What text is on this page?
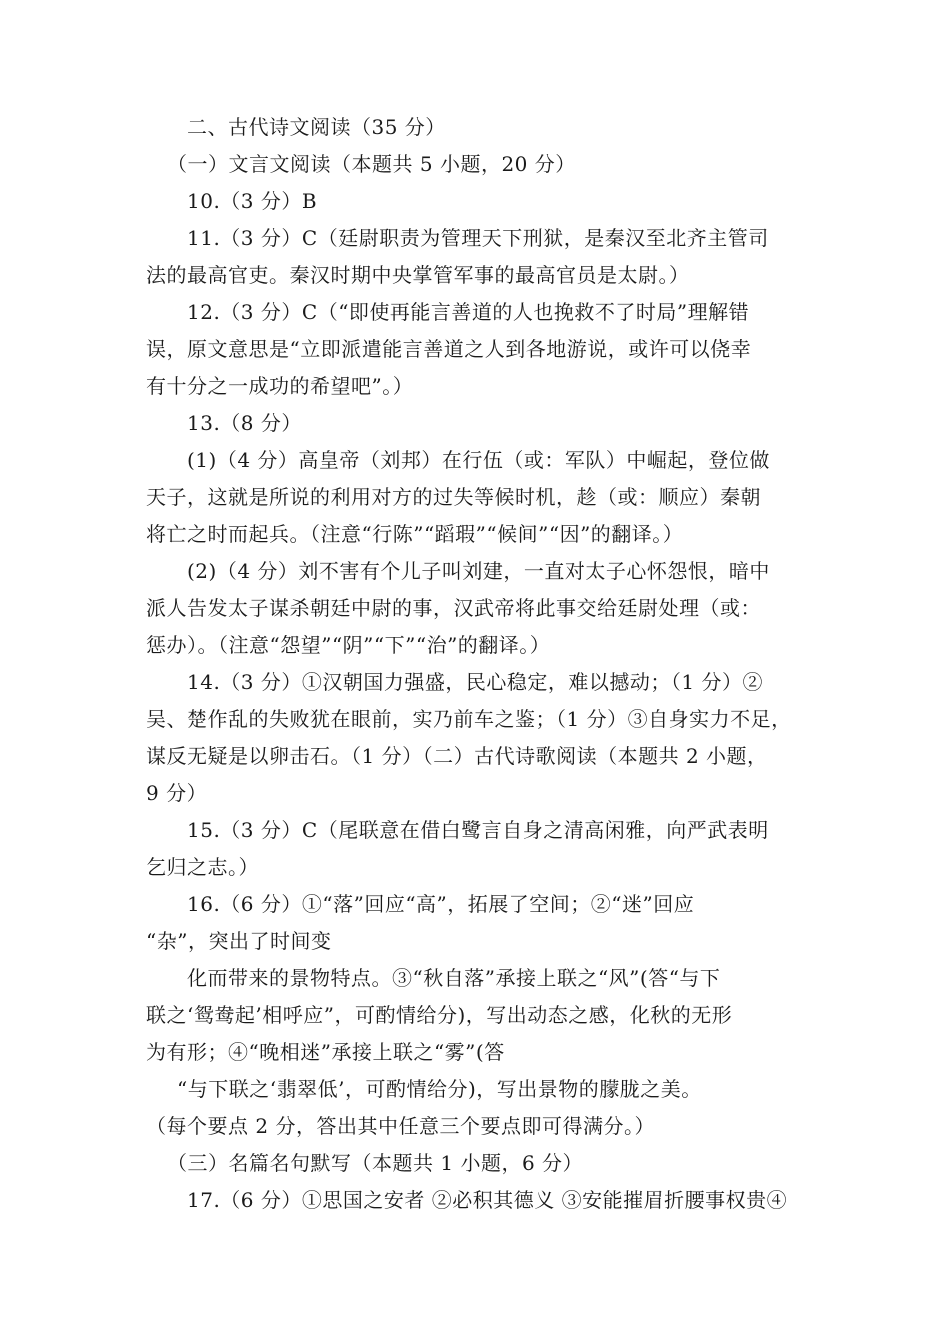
二、古代诗文阅读（35 分）
（一）文言文阅读（本题共 5 小题，20 分）
10.（3 分）B
11.（3 分）C（廷尉职责为管理天下刑狱，是秦汉至北齐主管司
法的最高官吏。秦汉时期中央掌管军事的最高官员是太尉。）
12.（3 分）C（“即使再能言善道的人也挽救不了时局”理解错
误，原文意思是“立即派遣能言善道之人到各地游说，或许可以侥幸
有十分之一成功的希望吧”。）
13.（8 分）
(1)（4 分）高皇帝（刘邦）在行伍（或：军队）中崛起，登位做
天子，这就是所说的利用对方的过失等候时机，趁（或：顺应）秦朝
将亡之时而起兵。（注意“行陈”“蹈瑕”“候间”“因”的翻译。）
(2)（4 分）刘不害有个儿子叫刘建，一直对太子心怀怨恨，暗中
派人告发太子谋杀朝廷中尉的事，汉武帝将此事交给廷尉处理（或：
惩办）。（注意“怨望”“阴”“下”“治”的翻译。）
14.（3 分）①汉朝国力强盛，民心稳定，难以撼动；（1 分）②
吴、楚作乱的失败犹在眼前，实乃前车之鉴；（1 分）③自身实力不足，
谋反无疑是以卵击石。（1 分）（二）古代诗歌阅读（本题共 2 小题，
9 分）
15.（3 分）C（尾联意在借白鹭言自身之清高闲雅，向严武表明
乞归之志。）
16.（6 分）①“落”回应“高”，拓展了空间；②“迷”回应
“杂”，突出了时间变
化而带来的景物特点。③“秋自落”承接上联之“风”(答“与下
联之‘鸳鸯起’相呼应”，可酌情给分)，写出动态之感，化秋的无形
为有形；④“晚相迷”承接上联之“雾”(答
“与下联之‘翡翠低’，可酌情给分)，写出景物的朦胧之美。
（每个要点 2 分，答出其中任意三个要点即可得满分。）
（三）名篇名句默写（本题共 1 小题，6 分）
17.（6 分）①思国之安者 ②必积其德义 ③安能摧眉折腰事权贵④
